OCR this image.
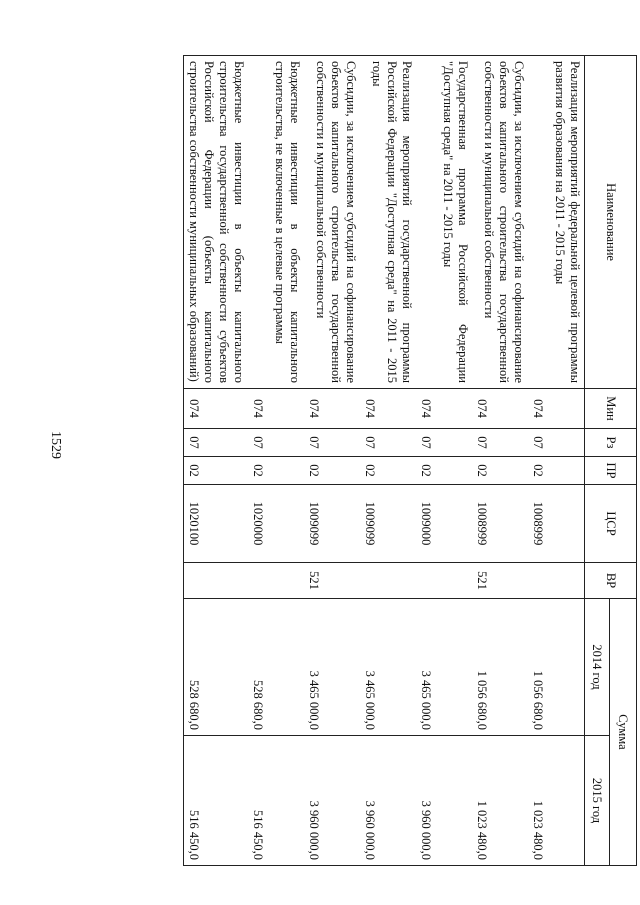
1529
Наименование	Мин	Рз	ПР	ЦСР	ВР	Сумма	
						2014 год	2015 год
Реализация мероприятий федеральной целевой программы развития образования на 2011 - 2015 годы	074	07	02	1008999		1 056 680,0	1 023 480,0
Субсидии, за исключением субсидий на софинансирование объектов капитального строительства государственной собственности и муниципальной собственности	074	07	02	1008999	521	1 056 680,0	1 023 480,0
Государственная программа Российской Федерации "Доступная среда" на 2011 - 2015 годы	074	07	02	1009000		3 465 000,0	3 960 000,0
Реализация мероприятий государственной программы Российской Федерации "Доступная среда" на 2011 - 2015 годы	074	07	02	1009099		3 465 000,0	3 960 000,0
Субсидии, за исключением субсидий на софинансирование объектов капитального строительства государственной собственности и муниципальной собственности	074	07	02	1009099	521	3 465 000,0	3 960 000,0
Бюджетные инвестиции в объекты капитального строительства, не включенные в целевые программы	074	07	02	1020000		528 680,0	516 450,0
Бюджетные инвестиции в объекты капитального строительства государственной собственности субъектов Российской Федерации (объекты капитального строительства собственности муниципальных образований)	074	07	02	1020100		528 680,0	516 450,0
